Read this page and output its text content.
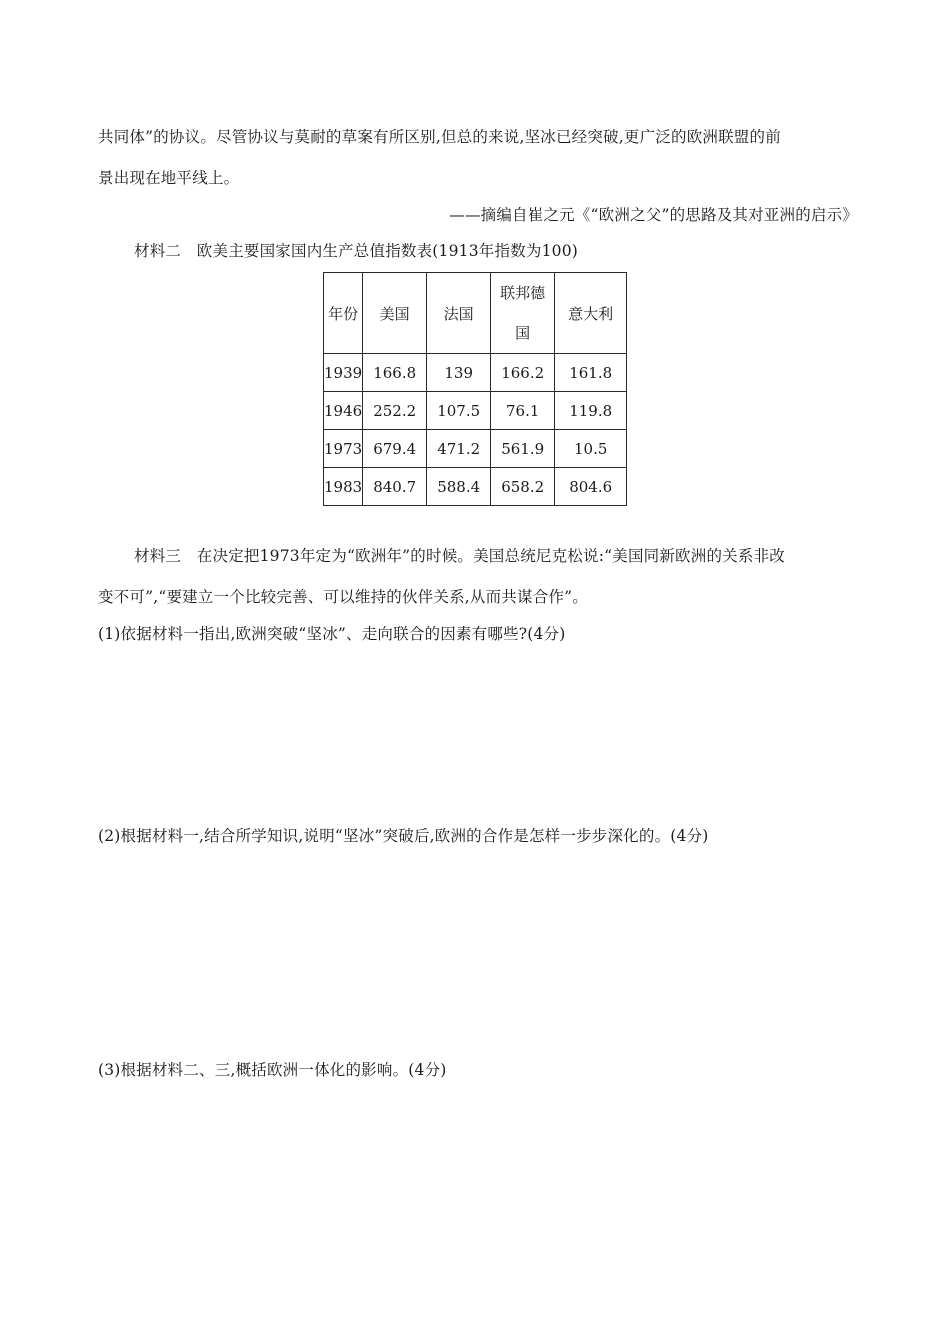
共同体”的协议。尽管协议与莫耐的草案有所区别,但总的来说,坚冰已经突破,更广泛的欧洲联盟的前
景出现在地平线上。
——摘编自崔之元《“欧洲之父”的思路及其对亚洲的启示》
材料二　欧美主要国家国内生产总值指数表(1913年指数为100)
年份	美国	法国	联邦德国	意大利
1939	166.8	139	166.2	161.8
1946	252.2	107.5	76.1	119.8
1973	679.4	471.2	561.9	10.5
1983	840.7	588.4	658.2	804.6
材料三　在决定把1973年定为“欧洲年”的时候。美国总统尼克松说:“美国同新欧洲的关系非改
变不可”,“要建立一个比较完善、可以维持的伙伴关系,从而共谋合作”。
(1)依据材料一指出,欧洲突破“坚冰”、走向联合的因素有哪些?(4分)
(2)根据材料一,结合所学知识,说明“坚冰”突破后,欧洲的合作是怎样一步步深化的。(4分)
(3)根据材料二、三,概括欧洲一体化的影响。(4分)
